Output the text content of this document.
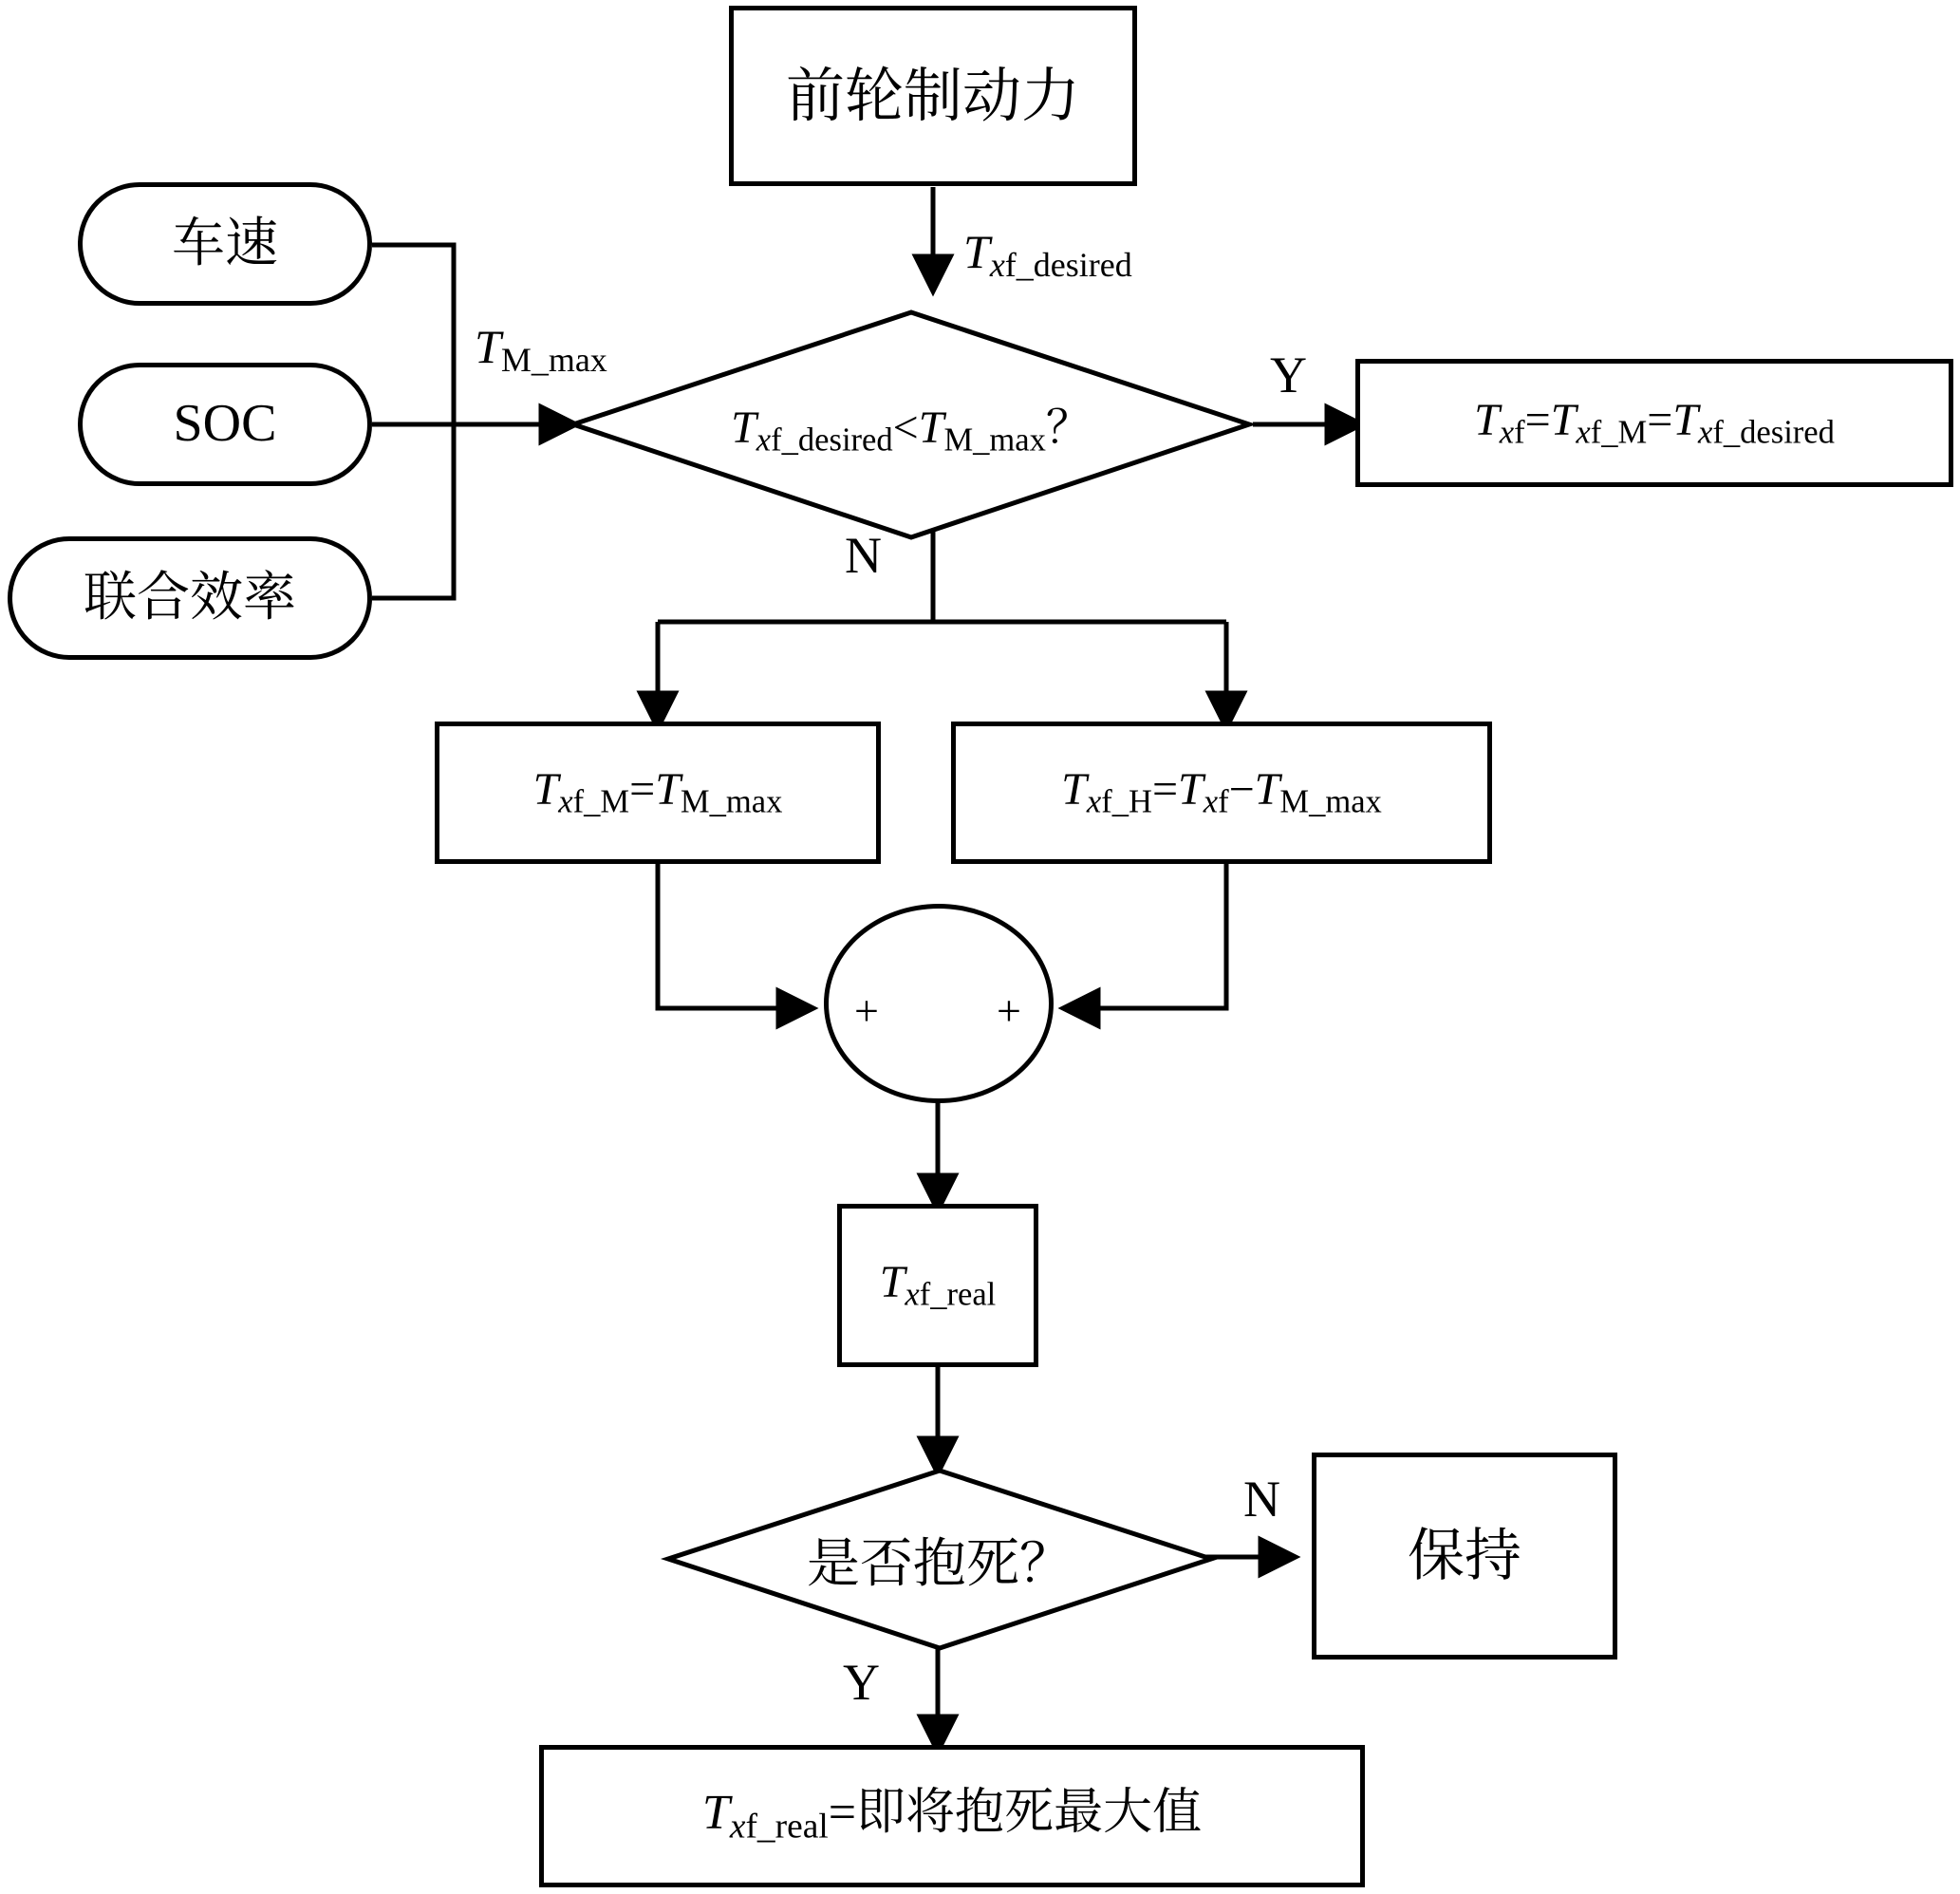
前轮制动力
车速
SOC
联合效率
$T_{xf\_desired}<T_{M\_max}$？	$T_{xf}=T_{xf\_M}=T_{xf\_desired}$
$T_{xf\_M}=T_{M\_max}$	$T_{xf\_H}=T_{xf}-T_{M\_max}$
+	+
$T_{xf\_real}$
是否抱死？	保持
$T_{xf\_real}=$即将抱死最大值
$T_{xf\_desired}$
$T_{M\_max}$	Y
N
N
Y
